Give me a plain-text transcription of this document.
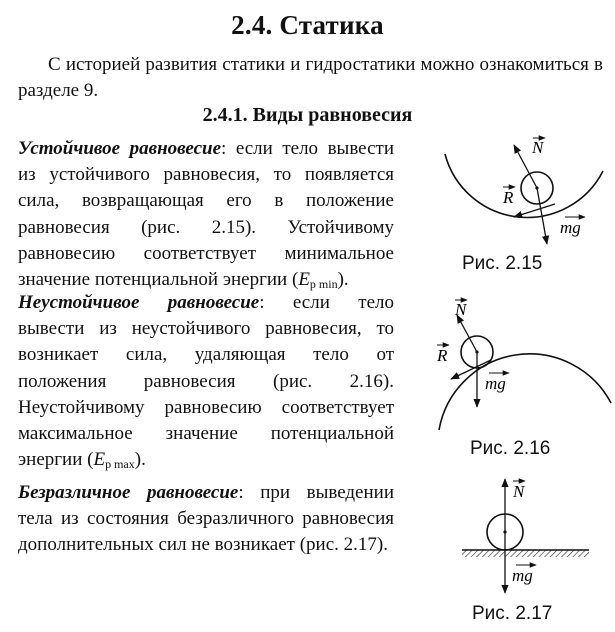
2.4. Статика
С историей развития статики и гидростатики можно ознакомиться в разделе 9.
2.4.1. Виды равновесия
Устойчивое равновесие: если тело вывести из устойчивого равновесия, то появляется сила, возвращающая его в положение равновесия (рис. 2.15). Устойчивому равновесию соответствует минимальное значение потенциальной энергии $(E_{p min})$.
Неустойчивое равновесие: если тело вывести из неустойчивого равновесия, то возникает сила, удаляющая тело от положения равновесия (рис. 2.16). Неустойчивому равновесию соответствует максимальное значение потенциальной энергии $(E_{p max})$.
Безразличное равновесие: при выведении тела из состояния безразличного равновесия дополнительных сил не возникает (рис. 2.17).
N
R
mg
Рис. 2.15
N
R
mg
Рис. 2.16
N
mg
Рис. 2.17
